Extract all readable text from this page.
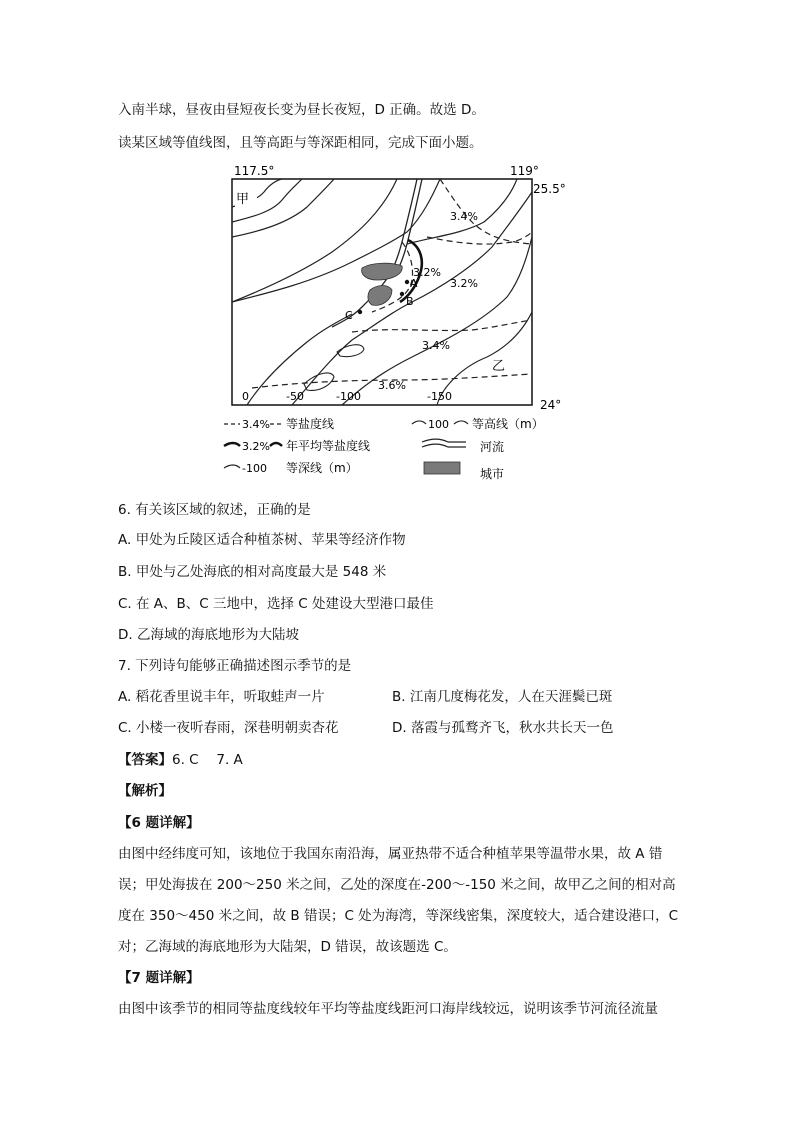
入南半球，昼夜由昼短夜长变为昼长夜短，D 正确。故选 D。
读某区域等值线图，且等高距与等深距相同，完成下面小题。
117.5°	119°
25.5°
24°
甲
乙
A
B
C
3.4%
3.2%
3.2%
3.4%
3.6%
0	-50	-100	-150
3.4% 等盐度线	100 等高线（m）
3.2% 年平均等盐度线	河流
-100 等深线（m）	城市
6. 有关该区域的叙述，正确的是
A. 甲处为丘陵区适合种植茶树、苹果等经济作物
B. 甲处与乙处海底的相对高度最大是 548 米
C. 在 A、B、C 三地中，选择 C 处建设大型港口最佳
D. 乙海域的海底地形为大陆坡
7. 下列诗句能够正确描述图示季节的是
A. 稻花香里说丰年，听取蛙声一片	B. 江南几度梅花发，人在天涯鬓已斑
C. 小楼一夜听春雨，深巷明朝卖杏花	D. 落霞与孤鹜齐飞，秋水共长天一色
【答案】6. C　 7. A
【解析】
【6 题详解】
由图中经纬度可知，该地位于我国东南沿海，属亚热带不适合种植苹果等温带水果，故 A 错
误；甲处海拔在 200～250 米之间，乙处的深度在-200～-150 米之间，故甲乙之间的相对高
度在 350～450 米之间，故 B 错误；C 处为海湾，等深线密集，深度较大，适合建设港口，C
对；乙海域的海底地形为大陆架，D 错误，故该题选 C。
【7 题详解】
由图中该季节的相同等盐度线较年平均等盐度线距河口海岸线较远，说明该季节河流径流量
